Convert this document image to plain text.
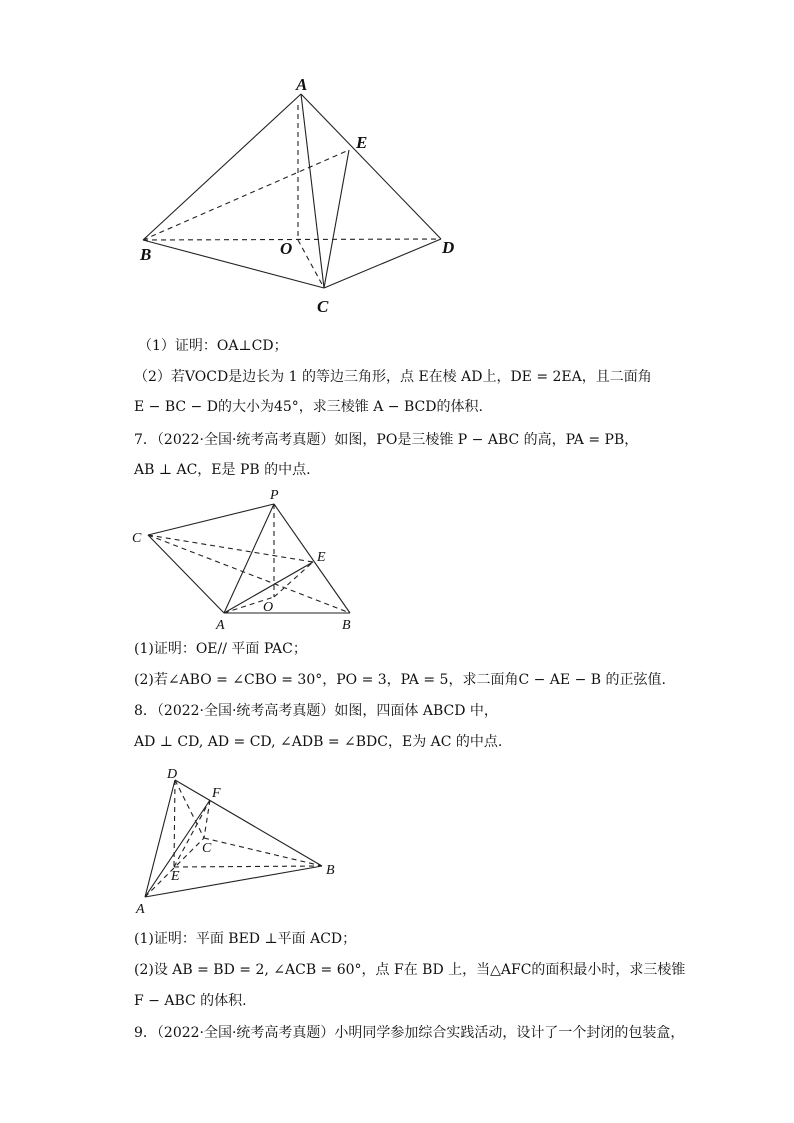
A
E
B	O	D
C
（1）证明：OA⊥CD；
（2）若VOCD是边长为 1 的等边三角形，点 E在棱 AD上，DE = 2EA，且二面角
E − BC − D的大小为45°，求三棱锥 A − BCD的体积.
7．（2022·全国·统考高考真题）如图，PO是三棱锥 P − ABC 的高，PA = PB，
AB ⊥ AC，E是 PB 的中点.
P
C
E
O
A	B
(1)证明：OE// 平面 PAC；
(2)若∠ABO = ∠CBO = 30°，PO = 3，PA = 5，求二面角C − AE − B 的正弦值.
8．（2022·全国·统考高考真题）如图，四面体 ABCD 中，
AD ⊥ CD, AD = CD, ∠ADB = ∠BDC，E为 AC 的中点.
D
F
C
B
E
A
(1)证明：平面 BED ⊥平面 ACD；
(2)设 AB = BD = 2, ∠ACB = 60°，点 F在 BD 上，当△AFC的面积最小时，求三棱锥
F − ABC 的体积.
9．（2022·全国·统考高考真题）小明同学参加综合实践活动，设计了一个封闭的包装盒，
